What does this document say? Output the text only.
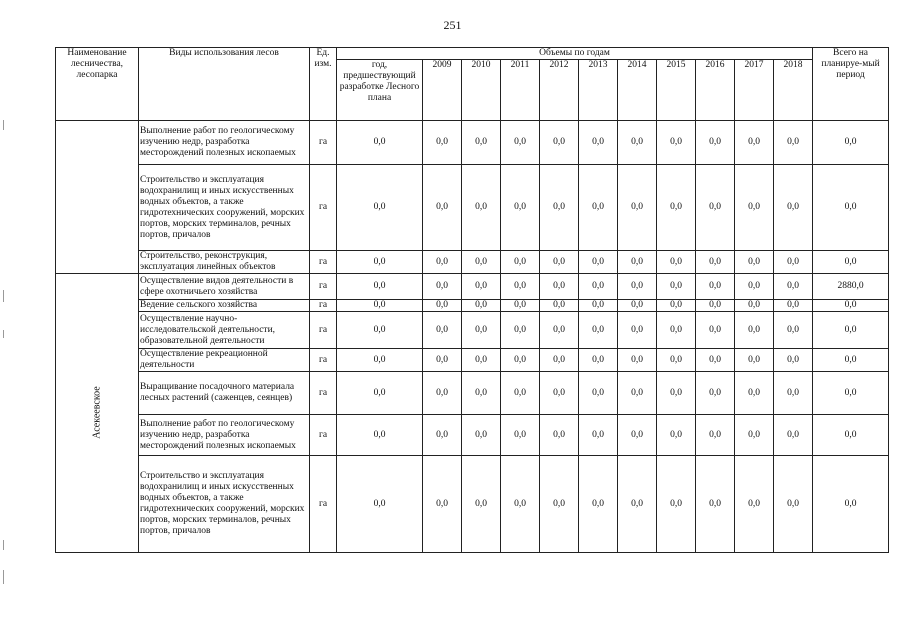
251
Наименование лесничества, лесопарка	Виды использования лесов	Ед. изм.	Объемы по годам											Всего на планируе-мый период
			год, предшествующий разработке Лесного плана	2009	2010	2011	2012	2013	2014	2015	2016	2017	2018	
	Выполнение работ по геологическому изучению недр, разработка месторождений полезных ископаемых	га	0,0	0,0	0,0	0,0	0,0	0,0	0,0	0,0	0,0	0,0	0,0	0,0
	Строительство и эксплуатация водохранилищ и иных искусственных водных объектов, а также гидротехнических сооружений, морских портов, морских терминалов, речных портов, причалов	га	0,0	0,0	0,0	0,0	0,0	0,0	0,0	0,0	0,0	0,0	0,0	0,0
	Строительство, реконструкция, эксплуатация линейных объектов	га	0,0	0,0	0,0	0,0	0,0	0,0	0,0	0,0	0,0	0,0	0,0	0,0
Асекеевское	Осуществление видов деятельности в сфере охотничьего хозяйства	га	0,0	0,0	0,0	0,0	0,0	0,0	0,0	0,0	0,0	0,0	0,0	2880,0
	Ведение сельского хозяйства	га	0,0	0,0	0,0	0,0	0,0	0,0	0,0	0,0	0,0	0,0	0,0	0,0
	Осуществление научно-исследовательской деятельности, образовательной деятельности	га	0,0	0,0	0,0	0,0	0,0	0,0	0,0	0,0	0,0	0,0	0,0	0,0
	Осуществление рекреационной деятельности	га	0,0	0,0	0,0	0,0	0,0	0,0	0,0	0,0	0,0	0,0	0,0	0,0
	Выращивание посадочного материала лесных растений (саженцев, сеянцев)	га	0,0	0,0	0,0	0,0	0,0	0,0	0,0	0,0	0,0	0,0	0,0	0,0
	Выполнение работ по геологическому изучению недр, разработка месторождений полезных ископаемых	га	0,0	0,0	0,0	0,0	0,0	0,0	0,0	0,0	0,0	0,0	0,0	0,0
	Строительство и эксплуатация водохранилищ и иных искусственных водных объектов, а также гидротехнических сооружений, морских портов, морских терминалов, речных портов, причалов	га	0,0	0,0	0,0	0,0	0,0	0,0	0,0	0,0	0,0	0,0	0,0	0,0
